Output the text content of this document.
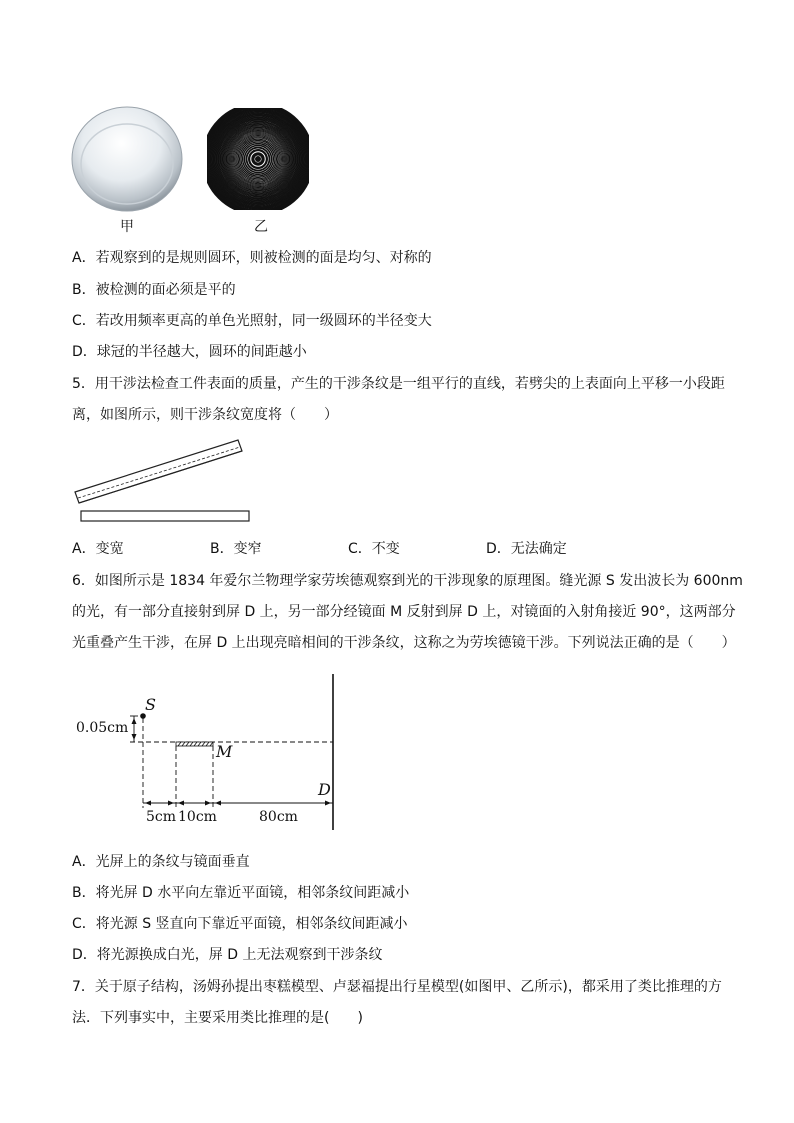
甲	乙
A．若观察到的是规则圆环，则被检测的面是均匀、对称的
B．被检测的面必须是平的
C．若改用频率更高的单色光照射，同一级圆环的半径变大
D．球冠的半径越大，圆环的间距越小
5．用干涉法检查工件表面的质量，产生的干涉条纹是一组平行的直线，若劈尖的上表面向上平移一小段距
离，如图所示，则干涉条纹宽度将（　　）
A．变宽	B．变窄	C．不变	D．无法确定
6．如图所示是 1834 年爱尔兰物理学家劳埃德观察到光的干涉现象的原理图。缝光源 S 发出波长为 600nm
的光，有一部分直接射到屏 D 上，另一部分经镜面 M 反射到屏 D 上，对镜面的入射角接近 90°，这两部分
光重叠产生干涉，在屏 D 上出现亮暗相间的干涉条纹，这称之为劳埃德镜干涉。下列说法正确的是（　　）
S
M
D
0.05cm
5cm 10cm	80cm
A．光屏上的条纹与镜面垂直
B．将光屏 D 水平向左靠近平面镜，相邻条纹间距减小
C．将光源 S 竖直向下靠近平面镜，相邻条纹间距减小
D．将光源换成白光，屏 D 上无法观察到干涉条纹
7．关于原子结构，汤姆孙提出枣糕模型、卢瑟福提出行星模型(如图甲、乙所示)，都采用了类比推理的方
法．下列事实中，主要采用类比推理的是(　　)
